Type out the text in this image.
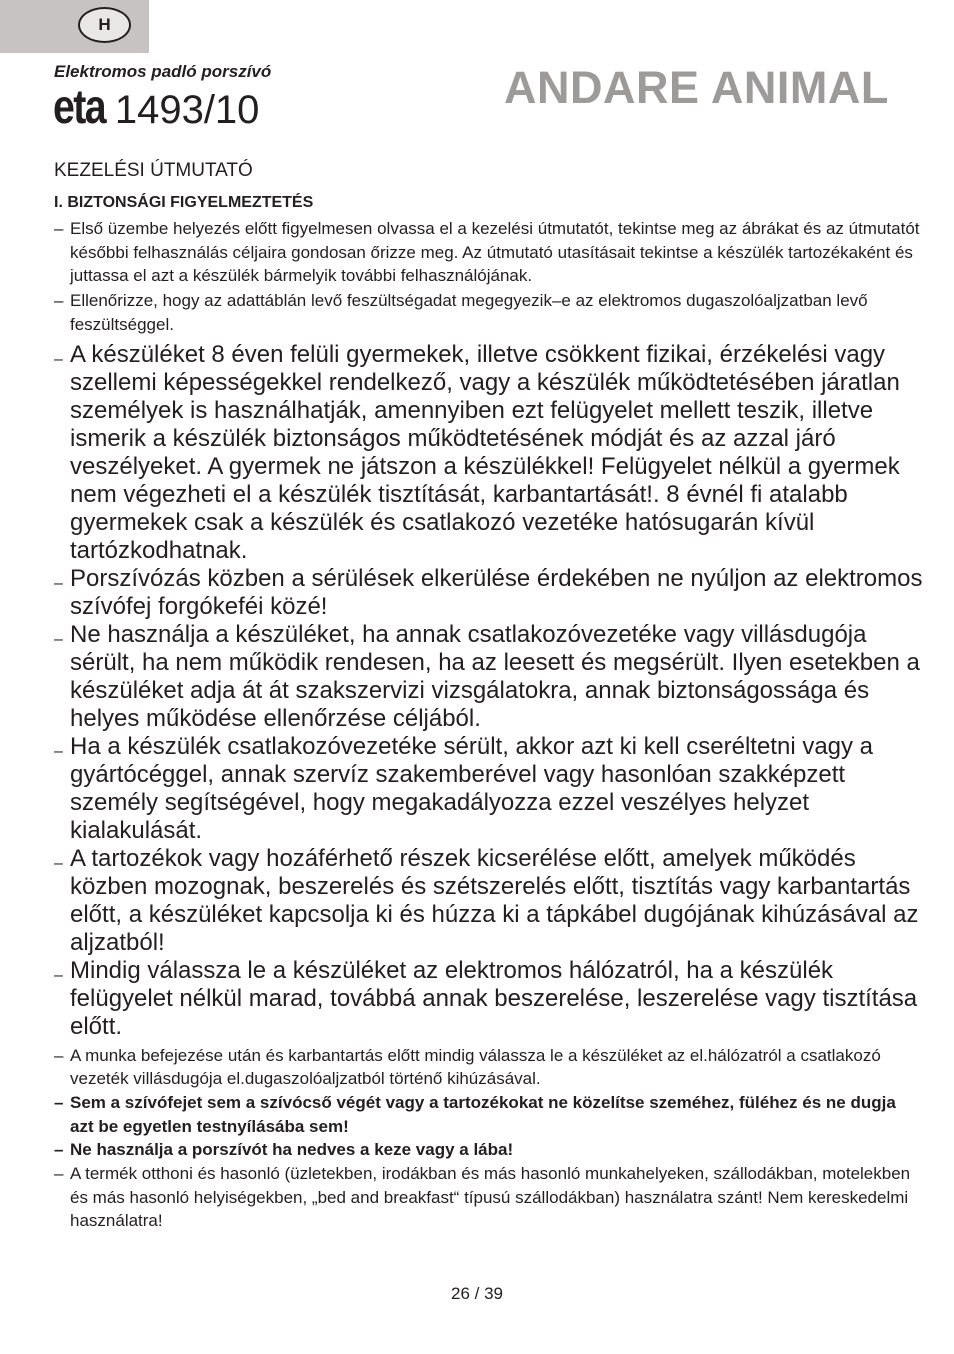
H
Elektromos padló porszívó
eta 1493/10	ANDARE ANIMAL
KEZELÉSI ÚTMUTATÓ
I. BIZTONSÁGI FIGYELMEZTETÉS
– Első üzembe helyezés előtt figyelmesen olvassa el a kezelési útmutatót, tekintse meg az ábrákat és az útmutatót későbbi felhasználás céljaira gondosan őrizze meg. Az útmutató utasításait tekintse a készülék tartozékaként és juttassa el azt a készülék bármelyik további felhasználójának.
– Ellenőrizze, hogy az adattáblán levő feszültségadat megegyezik–e az elektromos dugaszolóaljzatban levő feszültséggel.
– A készüléket 8 éven felüli gyermekek, illetve csökkent fizikai, érzékelési vagy szellemi képességekkel rendelkező, vagy a készülék működtetésében járatlan személyek is használhatják, amennyiben ezt felügyelet mellett teszik, illetve ismerik a készülék biztonságos működtetésének módját és az azzal járó veszélyeket. A gyermek ne játszon a készülékkel! Felügyelet nélkül a gyermek nem végezheti el a készülék tisztítását, karbantartását!. 8 évnél fi atalabb gyermekek csak a készülék és csatlakozó vezetéke hatósugarán kívül tartózkodhatnak.
– Porszívózás közben a sérülések elkerülése érdekében ne nyúljon az elektromos szívófej forgókeféi közé!
– Ne használja a készüléket, ha annak csatlakozóvezetéke vagy villásdugója sérült, ha nem működik rendesen, ha az leesett és megsérült. Ilyen esetekben a készüléket adja át át szakszervizi vizsgálatokra, annak biztonságossága és helyes működése ellenőrzése céljából.
– Ha a készülék csatlakozóvezetéke sérült, akkor azt ki kell cseréltetni vagy a gyártócéggel, annak szervíz szakemberével vagy hasonlóan szakképzett személy segítségével, hogy megakadályozza ezzel veszélyes helyzet kialakulását.
– A tartozékok vagy hozáférhető részek kicserélése előtt, amelyek működés közben mozognak, beszerelés és szétszerelés előtt, tisztítás vagy karbantartás előtt, a készüléket kapcsolja ki és húzza ki a tápkábel dugójának kihúzásával az aljzatból!
– Mindig válassza le a készüléket az elektromos hálózatról, ha a készülék felügyelet nélkül marad, továbbá annak beszerelése, leszerelése vagy tisztítása előtt.
– A munka befejezése után és karbantartás előtt mindig válassza le a készüléket az el.hálózatról a csatlakozó vezeték villásdugója el.dugaszolóaljzatból történő kihúzásával.
– Sem a szívófejet sem a szívócső végét vagy a tartozékokat ne közelítse szeméhez, füléhez és ne dugja azt be egyetlen testnyílásába sem!
– Ne használja a porszívót ha nedves a keze vagy a lába!
– A termék otthoni és hasonló (üzletekben, irodákban és más hasonló munkahelyeken, szállodákban, motelekben és más hasonló helyiségekben, „bed and breakfast“ típusú szállodákban) használatra szánt! Nem kereskedelmi használatra!
26 / 39
